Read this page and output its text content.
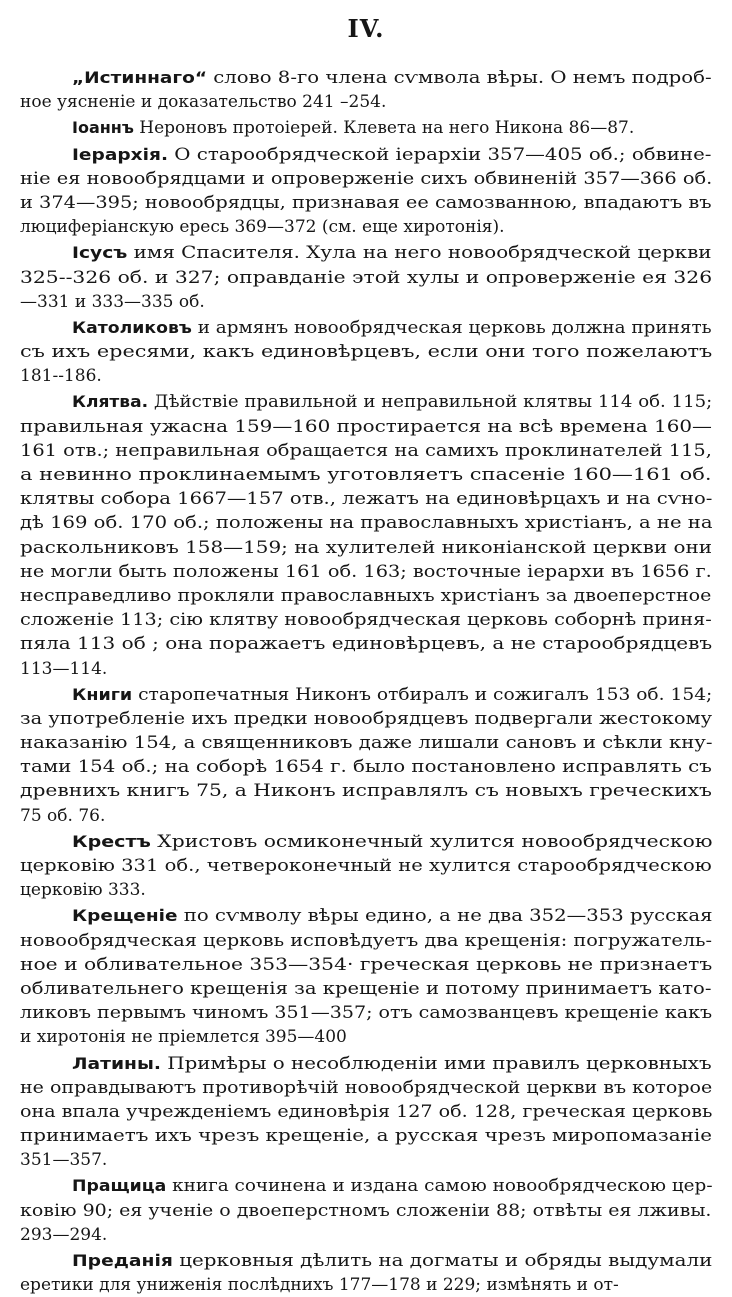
IV.
„Истиннаго“ слово 8-го члена сѵмвола вѣры. О немъ подроб-
ное уясненіе и доказательство 241 –254.
Іоаннъ Нероновъ протоіерей. Клевета на него Никона 86—87.
Іерархія. О старообрядческой іерархіи 357—405 об.; обвине-
ніе ея новообрядцами и опроверженіе сихъ обвиненій 357—366 об.
и 374—395; новообрядцы, признавая ее самозванною, впадаютъ въ
люциферіанскую ересь 369—372 (см. еще хиротонія).
Ісусъ имя Спасителя. Хула на него новообрядческой церкви
325--326 об. и 327; оправданіе этой хулы и опроверженіе ея 326
—331 и 333—335 об.
Католиковъ и армянъ новообрядческая церковь должна принять
съ ихъ ересями, какъ единовѣрцевъ, если они того пожелаютъ
181--186.
Клятва. Дѣйствіе правильной и неправильной клятвы 114 об. 115;
правильная ужасна 159—160 простирается на всѣ времена 160—
161 отв.; неправильная обращается на самихъ проклинателей 115,
а невинно проклинаемымъ уготовляетъ спасеніе 160—161 об.
клятвы собора 1667—157 отв., лежатъ на единовѣрцахъ и на сѵно-
дѣ 169 об. 170 об.; положены на православныхъ христіанъ, а не на
раскольниковъ 158—159; на хулителей никоніанской церкви они
не могли быть положены 161 об. 163; восточные іерархи въ 1656 г.
несправедливо прокляли православныхъ христіанъ за двоеперстное
сложеніе 113; сію клятву новообрядческая церковь соборнѣ приня-
пяла 113 об ; она поражаетъ единовѣрцевъ, а не старообрядцевъ
113—114.
Книги старопечатныя Никонъ отбиралъ и сожигалъ 153 об. 154;
за употребленіе ихъ предки новообрядцевъ подвергали жестокому
наказанію 154, а священниковъ даже лишали сановъ и сѣкли кну-
тами 154 об.; на соборѣ 1654 г. было постановлено исправлять съ
древнихъ книгъ 75, а Никонъ исправлялъ съ новыхъ греческихъ
75 об. 76.
Крестъ Христовъ осмиконечный хулится новообрядческою
церковію 331 об., четвероконечный не хулится старообрядческою
церковію 333.
Крещеніе по сѵмволу вѣры едино, а не два 352—353 русская
новообрядческая церковь исповѣдуетъ два крещенія: погружатель-
ное и обливательное 353—354· греческая церковь не признаетъ
обливательнего крещенія за крещеніе и потому принимаетъ като-
ликовъ первымъ чиномъ 351—357; отъ самозванцевъ крещеніе какъ
и хиротонія не пріемлется 395—400
Латины. Примѣры о несоблюденіи ими правилъ церковныхъ
не оправдываютъ противорѣчій новообрядческой церкви въ которое
она впала учрежденіемъ единовѣрія 127 об. 128, греческая церковь
принимаетъ ихъ чрезъ крещеніе, а русская чрезъ миропомазаніе
351—357.
Пращица книга сочинена и издана самою новообрядческою цер-
ковію 90; ея ученіе о двоеперстномъ сложеніи 88; отвѣты ея лживы.
293—294.
Преданія церковныя дѣлить на догматы и обряды выдумали
еретики для униженія послѣднихъ 177—178 и 229; измѣнять и от-
